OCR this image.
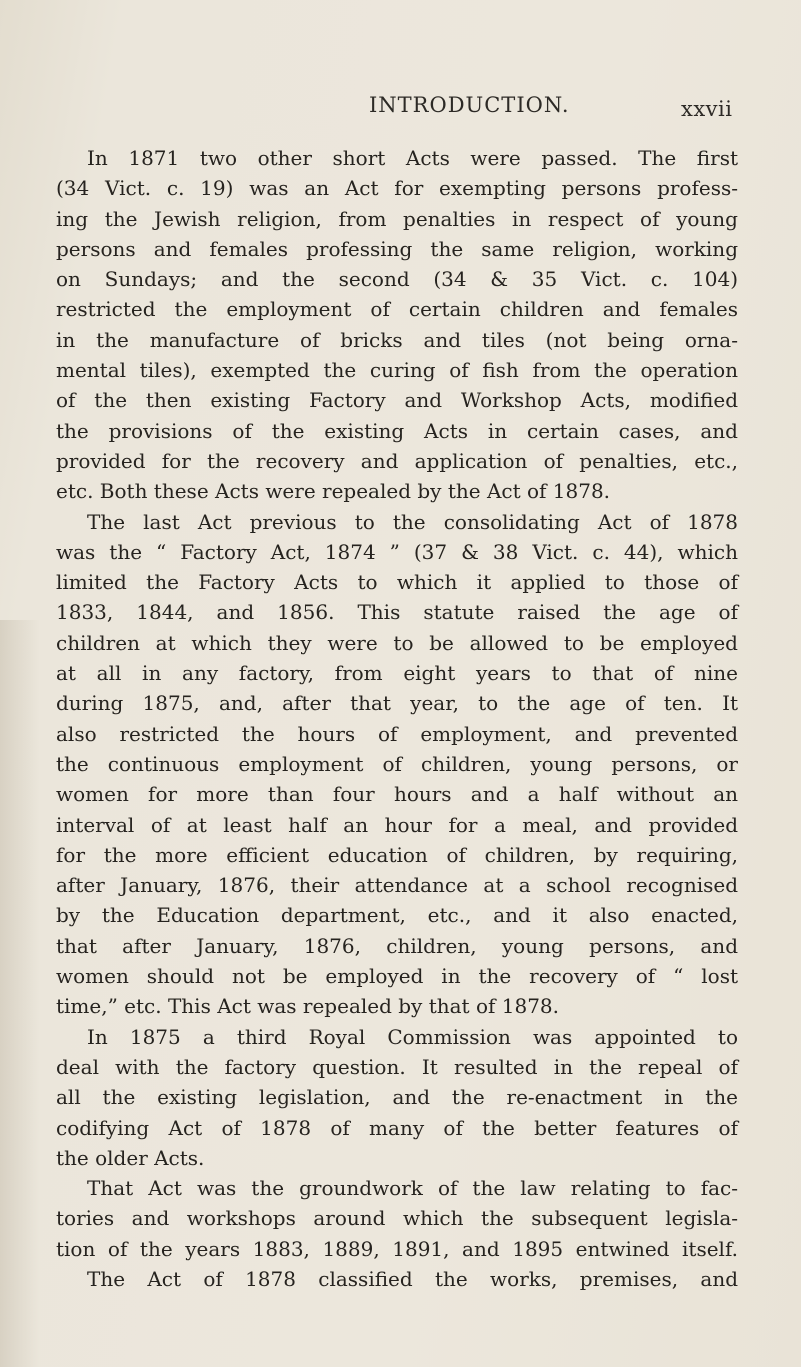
INTRODUCTION.	xxvii
In 1871 two other short Acts were passed. The first
(34 Vict. c. 19) was an Act for exempting persons profess-
ing the Jewish religion, from penalties in respect of young
persons and females professing the same religion, working
on Sundays; and the second (34 & 35 Vict. c. 104)
restricted the employment of certain children and females
in the manufacture of bricks and tiles (not being orna-
mental tiles), exempted the curing of fish from the operation
of the then existing Factory and Workshop Acts, modified
the provisions of the existing Acts in certain cases, and
provided for the recovery and application of penalties, etc.,
etc. Both these Acts were repealed by the Act of 1878.
The last Act previous to the consolidating Act of 1878
was the “ Factory Act, 1874 ” (37 & 38 Vict. c. 44), which
limited the Factory Acts to which it applied to those of
1833, 1844, and 1856. This statute raised the age of
children at which they were to be allowed to be employed
at all in any factory, from eight years to that of nine
during 1875, and, after that year, to the age of ten. It
also restricted the hours of employment, and prevented
the continuous employment of children, young persons, or
women for more than four hours and a half without an
interval of at least half an hour for a meal, and provided
for the more efficient education of children, by requiring,
after January, 1876, their attendance at a school recognised
by the Education department, etc., and it also enacted,
that after January, 1876, children, young persons, and
women should not be employed in the recovery of “ lost
time,” etc. This Act was repealed by that of 1878.
In 1875 a third Royal Commission was appointed to
deal with the factory question. It resulted in the repeal of
all the existing legislation, and the re-enactment in the
codifying Act of 1878 of many of the better features of
the older Acts.
That Act was the groundwork of the law relating to fac-
tories and workshops around which the subsequent legisla-
tion of the years 1883, 1889, 1891, and 1895 entwined itself.
The Act of 1878 classified the works, premises, and
